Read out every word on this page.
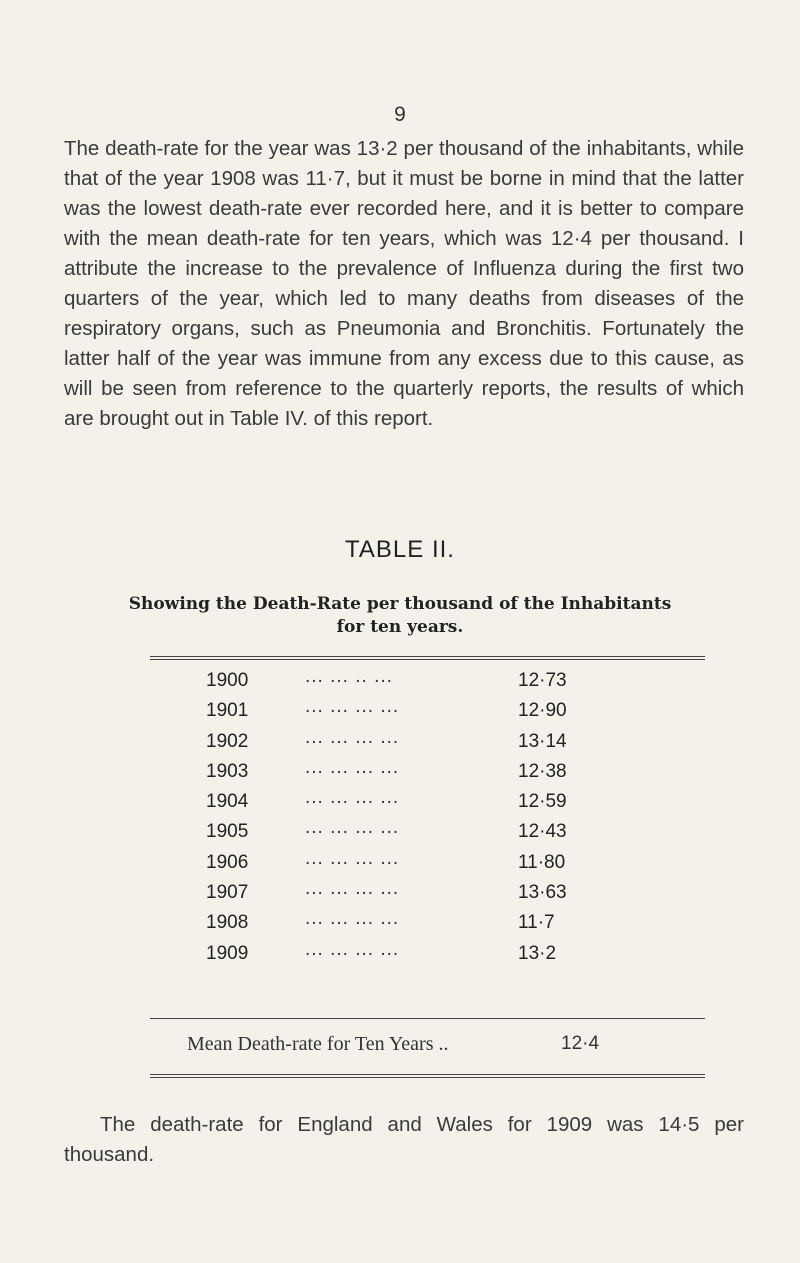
9

The death-rate for the year was 13·2 per thousand of the inhabitants, while that of the year 1908 was 11·7, but it must be borne in mind that the latter was the lowest death-rate ever recorded here, and it is better to compare with the mean death-rate for ten years, which was 12·4 per thousand. I attribute the increase to the prevalence of Influenza during the first two quarters of the year, which led to many deaths from diseases of the respiratory organs, such as Pneumonia and Bronchitis. Fortunately the latter half of the year was immune from any excess due to this cause, as will be seen from reference to the quarterly reports, the results of which are brought out in Table IV. of this report.

TABLE II.
Showing the Death-Rate per thousand of the Inhabitants
for ten years.
1900	... ... .. ...	12·73
1901	... ... ... ...	12·90
1902	... ... ... ...	13·14
1903	... ... ... ...	12·38
1904	... ... ... ...	12·59
1905	... ... ... ...	12·43
1906	... ... ... ...	11·80
1907	... ... ... ...	13·63
1908	... ... ... ...	11·7
1909	... ... ... ...	13·2
Mean Death-rate for Ten Years ..	12·4

The death-rate for England and Wales for 1909 was 14·5 per thousand.
